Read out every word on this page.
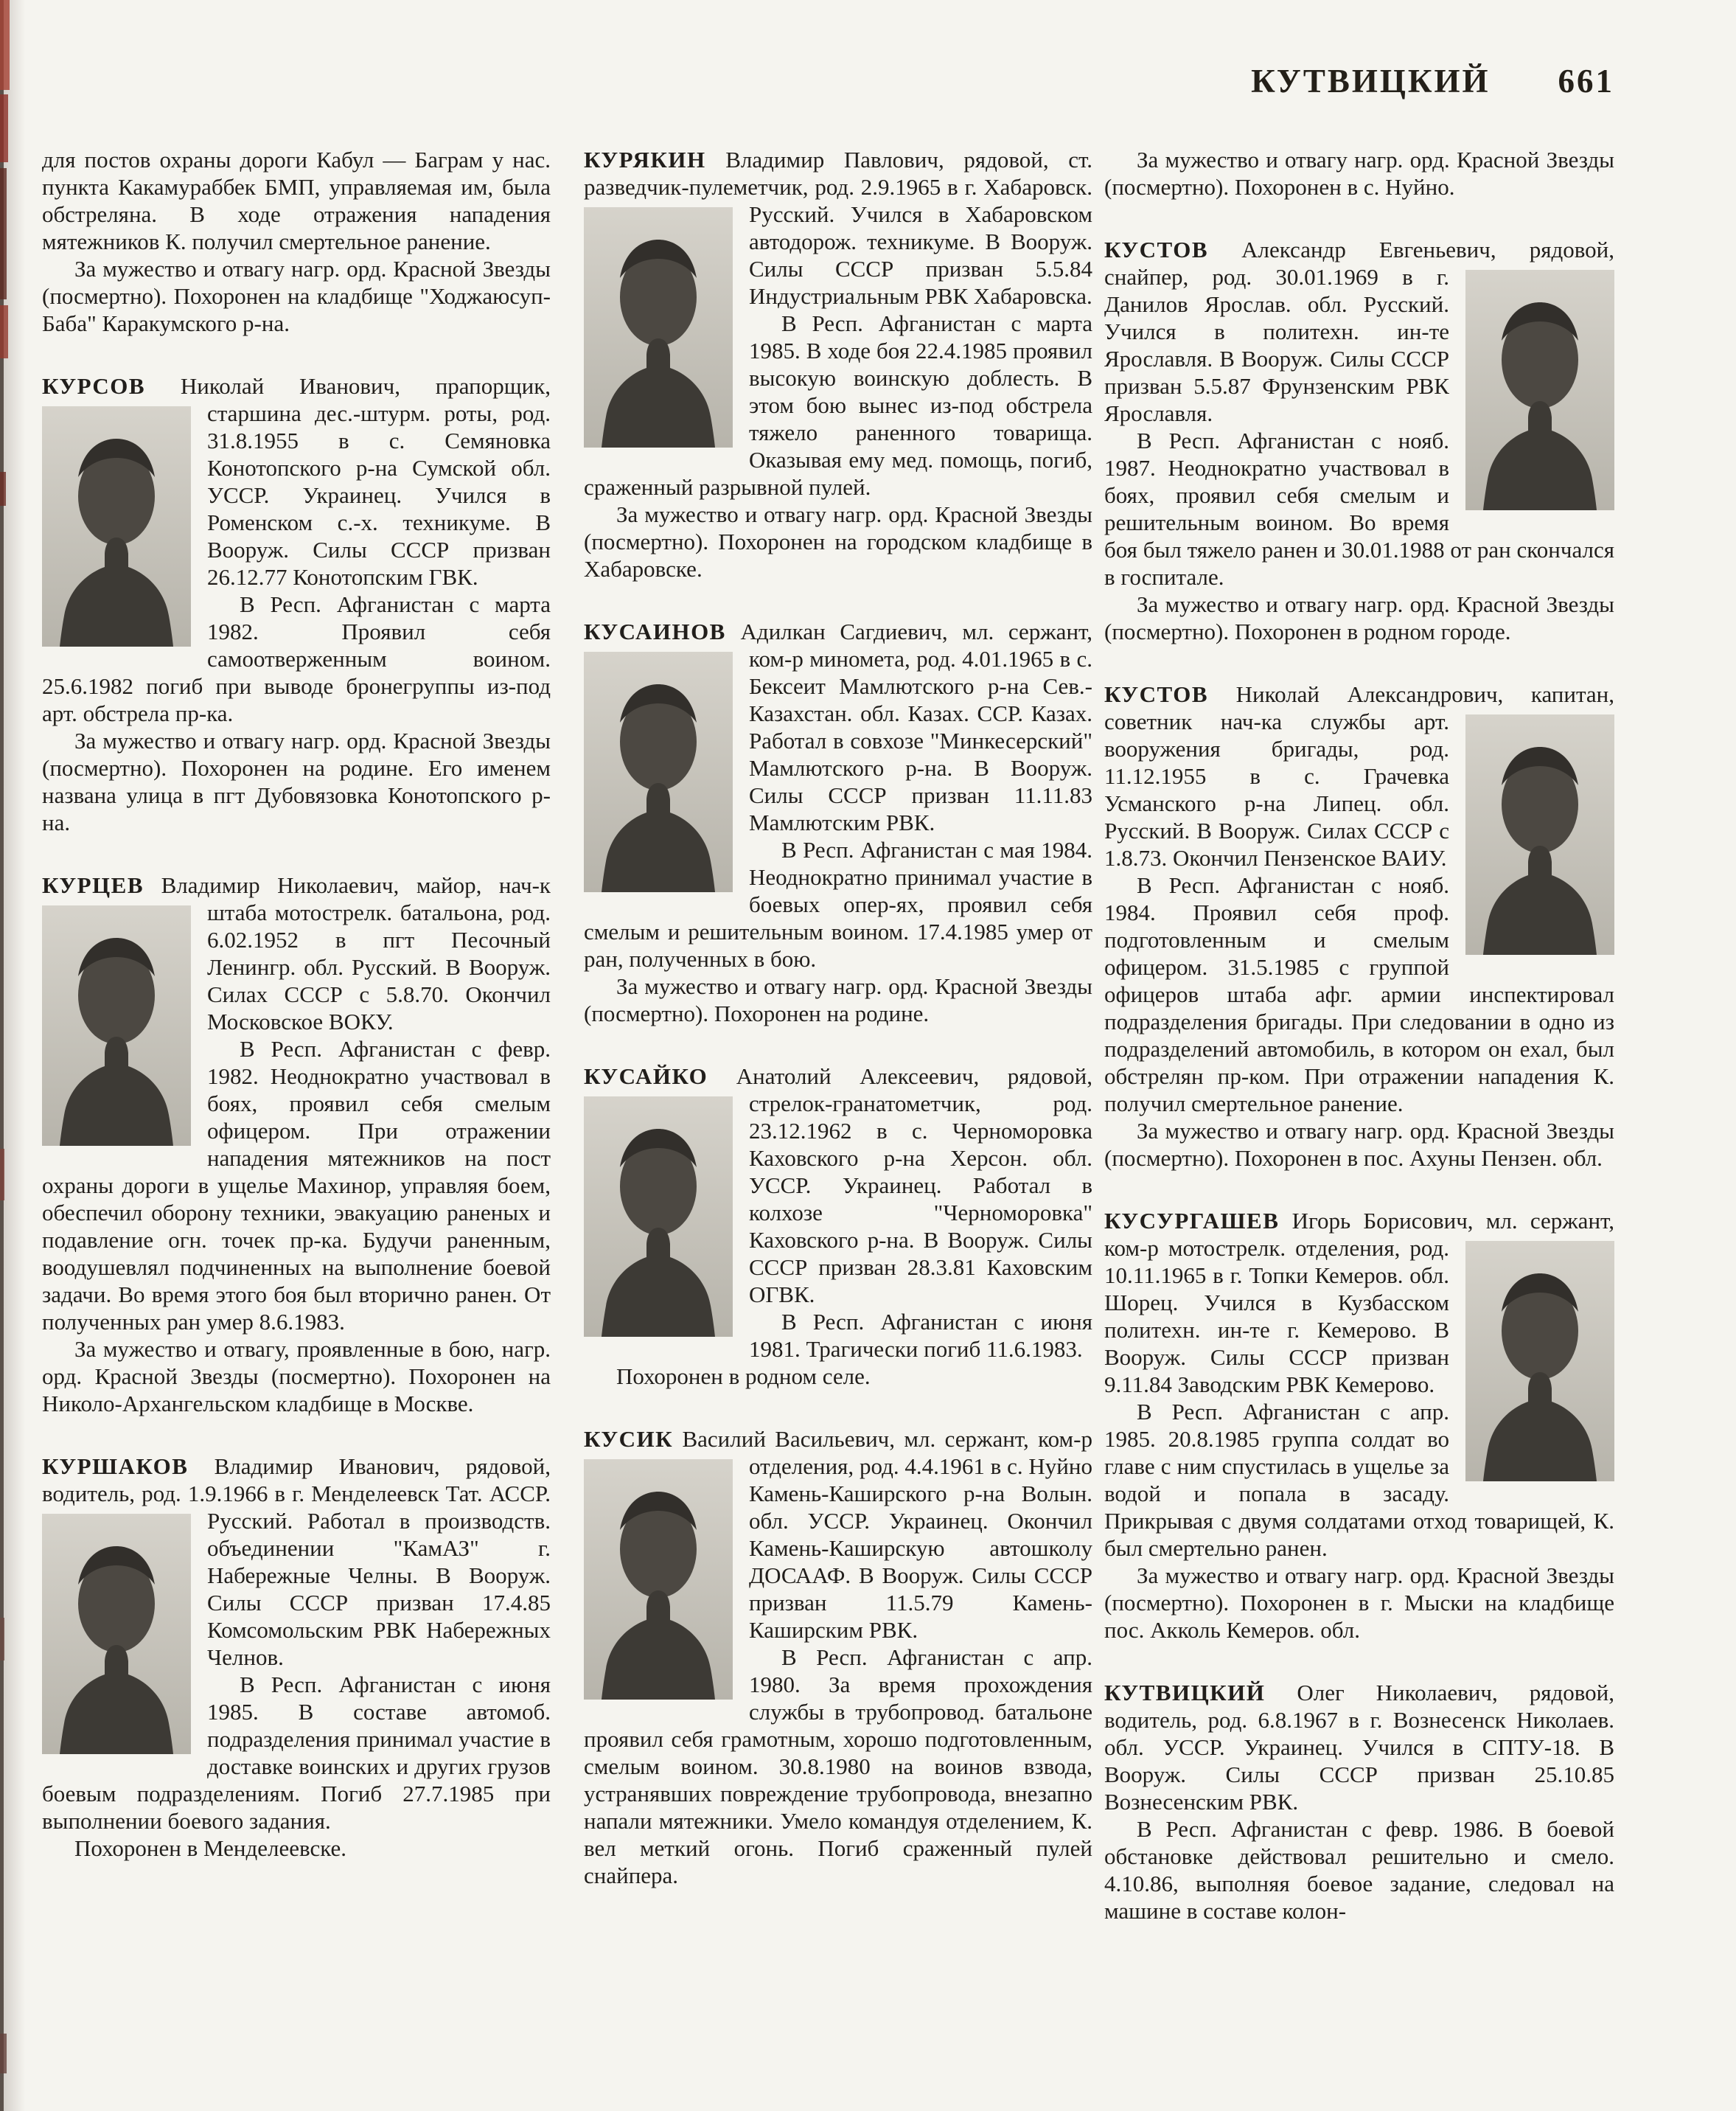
КУТВИЦКИЙ 661

для постов охраны дороги Кабул — Баграм у нас. пункта Какамураббек БМП, управляемая им, была обстреляна. В ходе отражения нападения мятежников К. получил смертельное ранение.

За мужество и отвагу нагр. орд. Красной Звезды (посмертно). Похоронен на кладбище "Ходжаюсуп-Баба" Каракумского р-на.

КУРСОВ Николай Иванович, прапорщик, старшина дес.-штурм. роты, род. 31.8.1955 в с. Семяновка Конотопского р-на Сумской обл. УССР. Украинец. Учился в Роменском с.-х. техникуме. В Вооруж. Силы СССР призван 26.12.77 Конотопским ГВК.

В Респ. Афганистан с марта 1982. Проявил себя самоотверженным воином. 25.6.1982 погиб при выводе бронегруппы из-под арт. обстрела пр-ка.

За мужество и отвагу нагр. орд. Красной Звезды (посмертно). Похоронен на родине. Его именем названа улица в пгт Дубовязовка Конотопского р-на.

КУРЦЕВ Владимир Николаевич, майор, нач-к штаба мотострелк. батальона, род.
6.02.1952 в пгт Песочный Ленингр. обл. Русский. В Вооруж. Силах СССР с 5.8.70. Окончил Московское ВОКУ.

В Респ. Афганистан с февр. 1982. Неоднократно участвовал в боях, проявил себя смелым офицером. При отражении нападения мятежников на пост охраны дороги в ущелье Махинор, управляя боем, обеспечил оборону техники, эвакуацию раненых и подавление огн. точек пр-ка. Будучи раненным, воодушевлял подчиненных на выполнение боевой задачи. Во время этого боя был вторично ранен. От полученных ран умер 8.6.1983.

За мужество и отвагу, проявленные в бою, нагр. орд. Красной Звезды (посмертно). Похоронен на Николо-Архангельском кладбище в Москве.

КУРШАКОВ Владимир Иванович, рядовой, водитель, род. 1.9.1966 в г. Менделеевск Тат. АССР. Русский. Работал в производств. объединении "КамАЗ" г. Набережные Челны. В Вооруж. Силы СССР призван 17.4.85 Комсомольским РВК Набережных Челнов.

В Респ. Афганистан с июня 1985. В составе автомоб. подразделения принимал участие в доставке воинских и других грузов боевым подразделениям. Погиб 27.7.1985 при выполнении боевого задания.

Похоронен в Менделеевске.

КУРЯКИН Владимир Павлович, рядовой, ст. разведчик-пулеметчик, род. 2.9.1965 в г. Хабаровск. Русский. Учился в Хабаровском автодорож. техникуме. В Вооруж. Силы СССР призван 5.5.84 Индустриальным РВК Хабаровска.

В Респ. Афганистан с марта 1985. В ходе боя 22.4.1985 проявил высокую воинскую доблесть. В этом бою вынес из-под обстрела тяжело раненного товарища. Оказывая ему мед. помощь, погиб, сраженный разрывной пулей.

За мужество и отвагу нагр. орд. Красной Звезды (посмертно). Похоронен на городском кладбище в Хабаровске.

КУСАИНОВ Адилкан Сагдиевич, мл. сержант, ком-р миномета, род. 4.01.1965 в с.
Бексеит Мамлютского р-на Сев.-Казахстан. обл. Казах. ССР. Казах. Работал в совхозе "Минкесерский" Мамлютского р-на. В Вооруж. Силы СССР призван 11.11.83 Мамлютским РВК.

В Респ. Афганистан с мая 1984. Неоднократно принимал участие в боевых опер-ях, проявил себя смелым и решительным воином. 17.4.1985 умер от ран, полученных в бою.

За мужество и отвагу нагр. орд. Красной Звезды (посмертно). Похоронен на родине.

КУСАЙКО Анатолий Алексеевич, рядовой, стрелок-гранатометчик, род.
23.12.1962 в с. Черноморовка Каховского р-на Херсон. обл. УССР. Украинец. Работал в колхозе "Черноморовка" Каховского р-на. В Вооруж. Силы СССР призван 28.3.81 Каховским ОГВК.

В Респ. Афганистан с июня 1981. Трагически погиб 11.6.1983.

Похоронен в родном селе.

КУСИК Василий Васильевич, мл. сержант, ком-р отделения, род. 4.4.1961 в с. Нуйно Камень-Каширского р-на Волын. обл. УССР. Украинец. Окончил Камень-Каширскую автошколу ДОСААФ. В Вооруж. Силы СССР призван 11.5.79 Камень-Каширским РВК.

В Респ. Афганистан с апр. 1980. За время прохождения службы в трубопровод. батальоне проявил себя грамотным, хорошо подготовленным, смелым воином. 30.8.1980 на воинов взвода, устранявших повреждение трубопровода, внезапно напали мятежники. Умело командуя отделением, К. вел меткий огонь. Погиб сраженный пулей снайпера.

За мужество и отвагу нагр. орд. Красной Звезды (посмертно). Похоронен в с. Нуйно.

КУСТОВ Александр Евгеньевич, рядовой, снайпер, род. 30.01.1969 в г.
Данилов Ярослав. обл. Русский. Учился в политехн. ин-те Ярославля. В Вооруж. Силы СССР призван 5.5.87 Фрунзенским РВК Ярославля.

В Респ. Афганистан с нояб. 1987. Неоднократно участвовал в боях, проявил себя смелым и решительным воином. Во время боя был тяжело ранен и 30.01.1988 от ран скончался в госпитале.

За мужество и отвагу нагр. орд. Красной Звезды (посмертно). Похоронен в родном городе.

КУСТОВ Николай Александрович, капитан, советник нач-ка службы арт.
вооружения бригады, род. 11.12.1955 в с. Грачевка Усманского р-на Липец. обл. Русский. В Вооруж. Силах СССР с 1.8.73. Окончил Пензенское ВАИУ.

В Респ. Афганистан с нояб. 1984. Проявил себя проф. подготовленным и смелым офицером. 31.5.1985 с группой офицеров штаба афг. армии инспектировал подразделения бригады. При следовании в одно из подразделений автомобиль, в котором он ехал, был обстрелян пр-ком. При отражении нападения К. получил смертельное ранение.

За мужество и отвагу нагр. орд. Красной Звезды (посмертно). Похоронен в пос. Ахуны Пензен. обл.

КУСУРГАШЕВ Игорь Борисович, мл. сержант, ком-р мотострелк. отделения, род.
10.11.1965 в г. Топки Кемеров. обл. Шорец. Учился в Кузбасском политехн. ин-те г. Кемерово. В Вооруж. Силы СССР призван 9.11.84 Заводским РВК Кемерово.

В Респ. Афганистан с апр. 1985. 20.8.1985 группа солдат во главе с ним спустилась в ущелье за водой и попала в засаду. Прикрывая с двумя солдатами отход товарищей, К. был смертельно ранен.

За мужество и отвагу нагр. орд. Красной Звезды (посмертно). Похоронен в г. Мыски на кладбище пос. Акколь Кемеров. обл.

КУТВИЦКИЙ Олег Николаевич, рядовой, водитель, род. 6.8.1967 в г. Вознесенск Николаев. обл. УССР. Украинец. Учился в СПТУ-18. В Вооруж. Силы СССР призван 25.10.85 Вознесенским РВК.

В Респ. Афганистан с февр. 1986. В боевой обстановке действовал решительно и смело. 4.10.86, выполняя боевое задание, следовал на машине в составе колон-
